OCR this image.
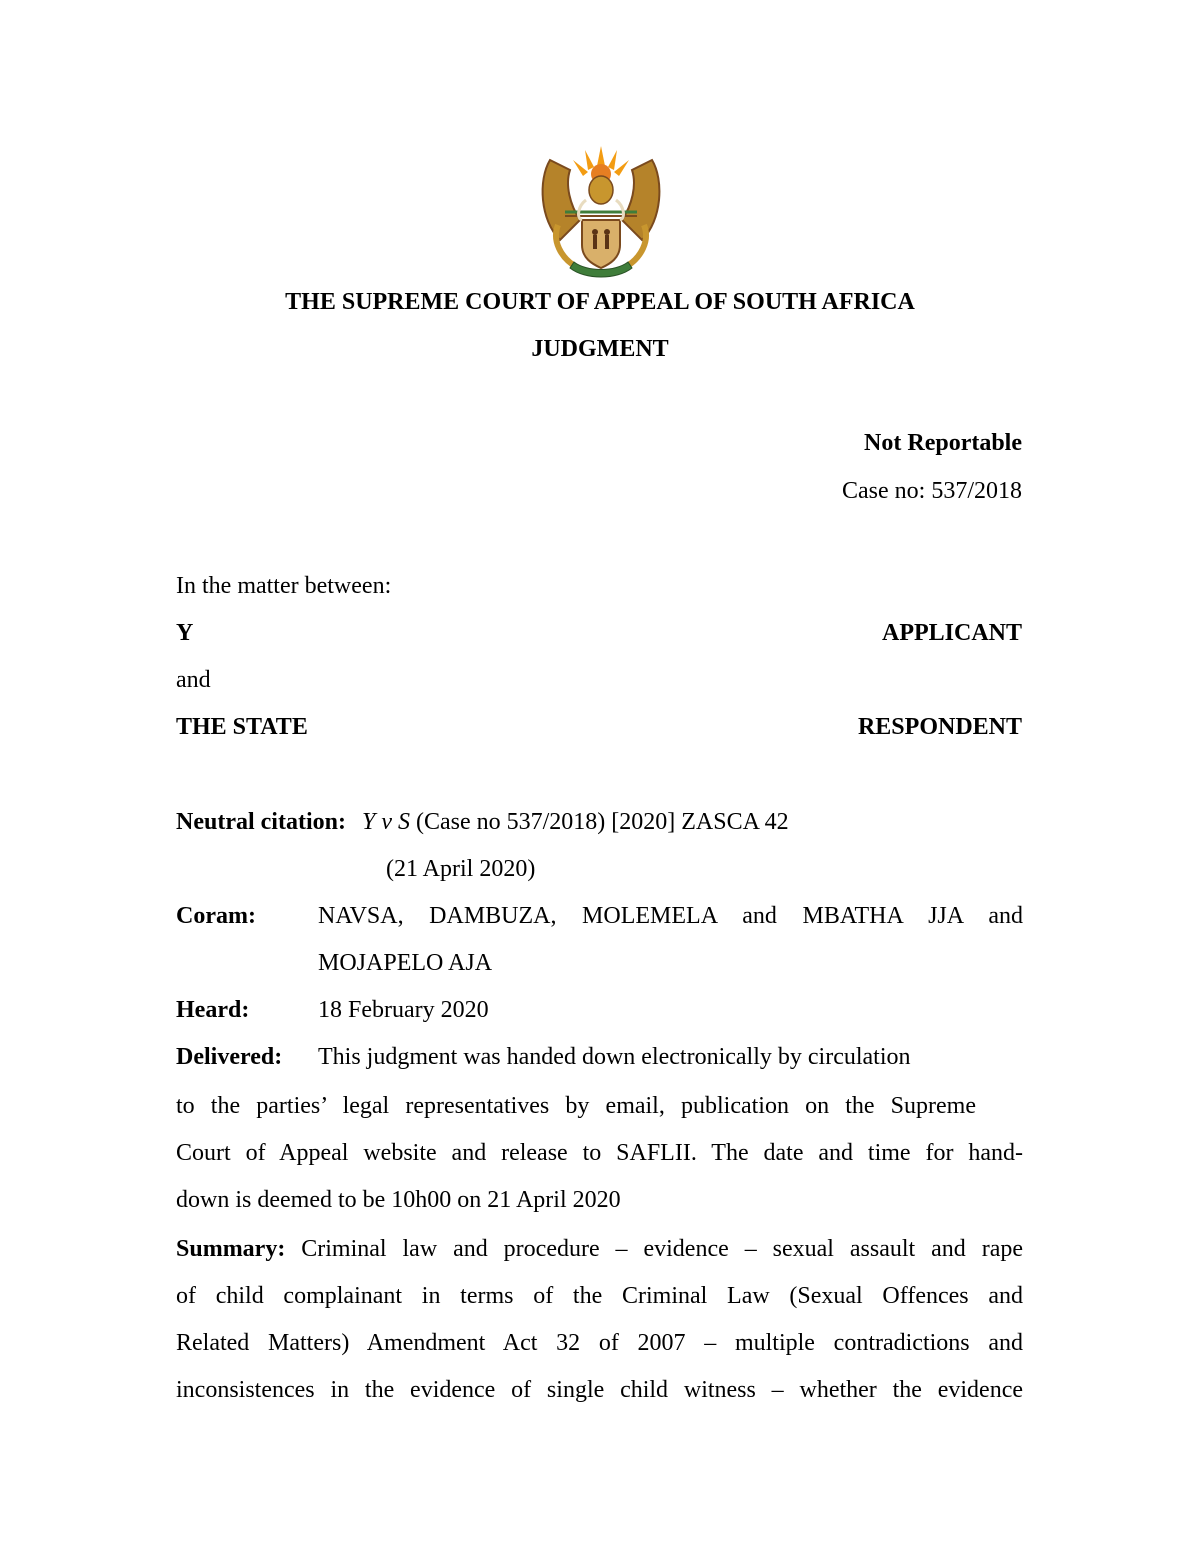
THE SUPREME COURT OF APPEAL OF SOUTH AFRICA
JUDGMENT
Not Reportable
Case no: 537/2018
In the matter between:
Y	APPLICANT
and
THE STATE	RESPONDENT
Neutral citation: Y v S (Case no 537/2018) [2020] ZASCA 42
(21 April 2020)
Coram:	NAVSA, DAMBUZA, MOLEMELA and MBATHA JJA and
MOJAPELO AJA
Heard:	18 February 2020
Delivered: This judgment was handed down electronically by circulation
to the parties’ legal representatives by email, publication on the Supreme
Court of Appeal website and release to SAFLII. The date and time for hand-
down is deemed to be 10h00 on 21 April 2020
Summary: Criminal law and procedure – evidence – sexual assault and rape
of child complainant in terms of the Criminal Law (Sexual Offences and
Related Matters) Amendment Act 32 of 2007 – multiple contradictions and
inconsistences in the evidence of single child witness – whether the evidence
